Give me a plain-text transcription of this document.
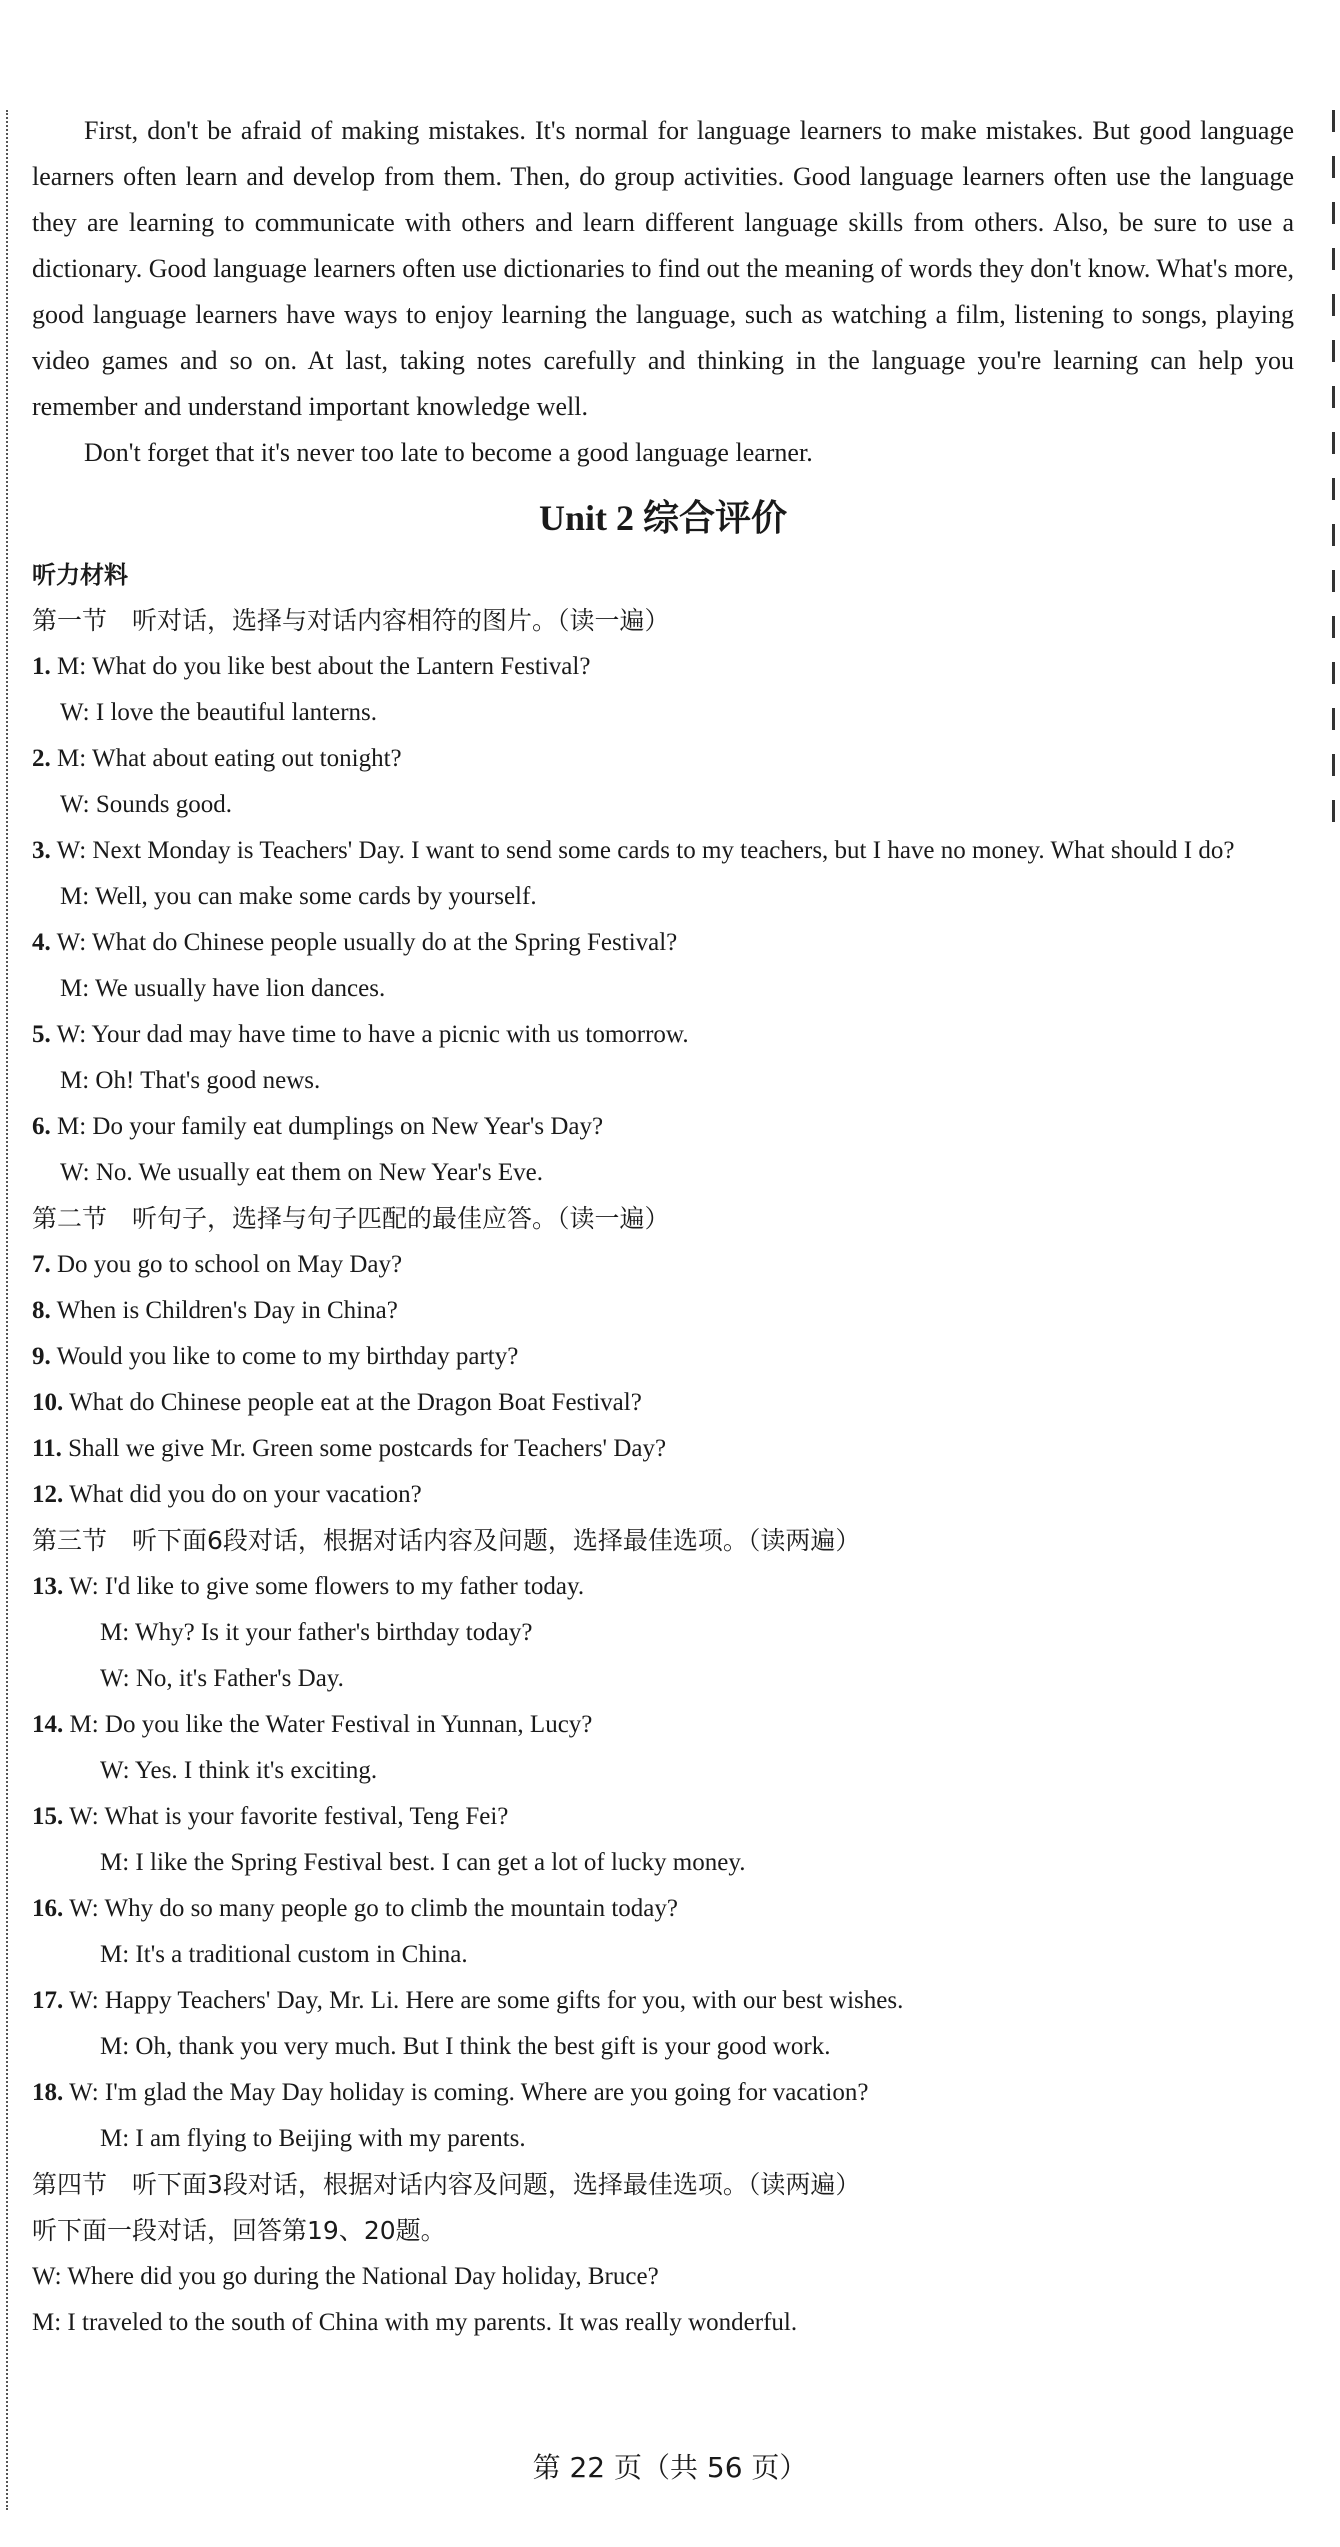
First, don't be afraid of making mistakes. It's normal for language learners to make mistakes. But good language learners often learn and develop from them. Then, do group activities. Good language learners often use the language they are learning to communicate with others and learn different language skills from others. Also, be sure to use a dictionary. Good language learners often use dictionaries to find out the meaning of words they don't know. What's more, good language learners have ways to enjoy learning the language, such as watching a film, listening to songs, playing video games and so on. At last, taking notes carefully and thinking in the language you're learning can help you remember and understand important knowledge well.

Don't forget that it's never too late to become a good language learner.

Unit 2 综合评价
听力材料
第一节　听对话，选择与对话内容相符的图片。（读一遍）
1. M: What do you like best about the Lantern Festival?
W: I love the beautiful lanterns.
2. M: What about eating out tonight?
W: Sounds good.
3. W: Next Monday is Teachers' Day. I want to send some cards to my teachers, but I have no money. What should I do?
M: Well, you can make some cards by yourself.
4. W: What do Chinese people usually do at the Spring Festival?
M: We usually have lion dances.
5. W: Your dad may have time to have a picnic with us tomorrow.
M: Oh! That's good news.
6. M: Do your family eat dumplings on New Year's Day?
W: No. We usually eat them on New Year's Eve.
第二节　听句子，选择与句子匹配的最佳应答。（读一遍）
7. Do you go to school on May Day?
8. When is Children's Day in China?
9. Would you like to come to my birthday party?
10. What do Chinese people eat at the Dragon Boat Festival?
11. Shall we give Mr. Green some postcards for Teachers' Day?
12. What did you do on your vacation?
第三节　听下面6段对话，根据对话内容及问题，选择最佳选项。（读两遍）
13. W: I'd like to give some flowers to my father today.
M: Why? Is it your father's birthday today?
W: No, it's Father's Day.
14. M: Do you like the Water Festival in Yunnan, Lucy?
W: Yes. I think it's exciting.
15. W: What is your favorite festival, Teng Fei?
M: I like the Spring Festival best. I can get a lot of lucky money.
16. W: Why do so many people go to climb the mountain today?
M: It's a traditional custom in China.
17. W: Happy Teachers' Day, Mr. Li. Here are some gifts for you, with our best wishes.
M: Oh, thank you very much. But I think the best gift is your good work.
18. W: I'm glad the May Day holiday is coming. Where are you going for vacation?
M: I am flying to Beijing with my parents.
第四节　听下面3段对话，根据对话内容及问题，选择最佳选项。（读两遍）
听下面一段对话，回答第19、20题。
W: Where did you go during the National Day holiday, Bruce?
M: I traveled to the south of China with my parents. It was really wonderful.
第 22 页（共 56 页）
